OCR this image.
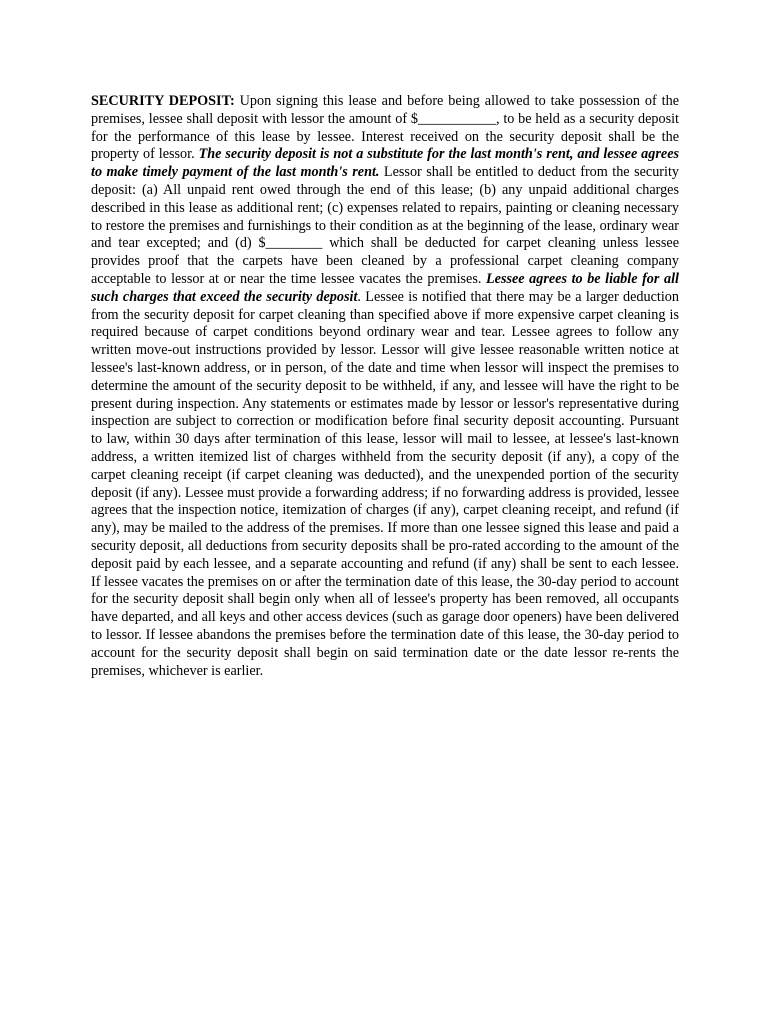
SECURITY DEPOSIT: Upon signing this lease and before being allowed to take possession of the premises, lessee shall deposit with lessor the amount of $___________, to be held as a security deposit for the performance of this lease by lessee. Interest received on the security deposit shall be the property of lessor. The security deposit is not a substitute for the last month's rent, and lessee agrees to make timely payment of the last month's rent. Lessor shall be entitled to deduct from the security deposit: (a) All unpaid rent owed through the end of this lease; (b) any unpaid additional charges described in this lease as additional rent; (c) expenses related to repairs, painting or cleaning necessary to restore the premises and furnishings to their condition as at the beginning of the lease, ordinary wear and tear excepted; and (d) $________ which shall be deducted for carpet cleaning unless lessee provides proof that the carpets have been cleaned by a professional carpet cleaning company acceptable to lessor at or near the time lessee vacates the premises. Lessee agrees to be liable for all such charges that exceed the security deposit. Lessee is notified that there may be a larger deduction from the security deposit for carpet cleaning than specified above if more expensive carpet cleaning is required because of carpet conditions beyond ordinary wear and tear. Lessee agrees to follow any written move-out instructions provided by lessor. Lessor will give lessee reasonable written notice at lessee's last-known address, or in person, of the date and time when lessor will inspect the premises to determine the amount of the security deposit to be withheld, if any, and lessee will have the right to be present during inspection. Any statements or estimates made by lessor or lessor's representative during inspection are subject to correction or modification before final security deposit accounting. Pursuant to law, within 30 days after termination of this lease, lessor will mail to lessee, at lessee's last-known address, a written itemized list of charges withheld from the security deposit (if any), a copy of the carpet cleaning receipt (if carpet cleaning was deducted), and the unexpended portion of the security deposit (if any). Lessee must provide a forwarding address; if no forwarding address is provided, lessee agrees that the inspection notice, itemization of charges (if any), carpet cleaning receipt, and refund (if any), may be mailed to the address of the premises. If more than one lessee signed this lease and paid a security deposit, all deductions from security deposits shall be pro-rated according to the amount of the deposit paid by each lessee, and a separate accounting and refund (if any) shall be sent to each lessee. If lessee vacates the premises on or after the termination date of this lease, the 30-day period to account for the security deposit shall begin only when all of lessee's property has been removed, all occupants have departed, and all keys and other access devices (such as garage door openers) have been delivered to lessor. If lessee abandons the premises before the termination date of this lease, the 30-day period to account for the security deposit shall begin on said termination date or the date lessor re-rents the premises, whichever is earlier.
